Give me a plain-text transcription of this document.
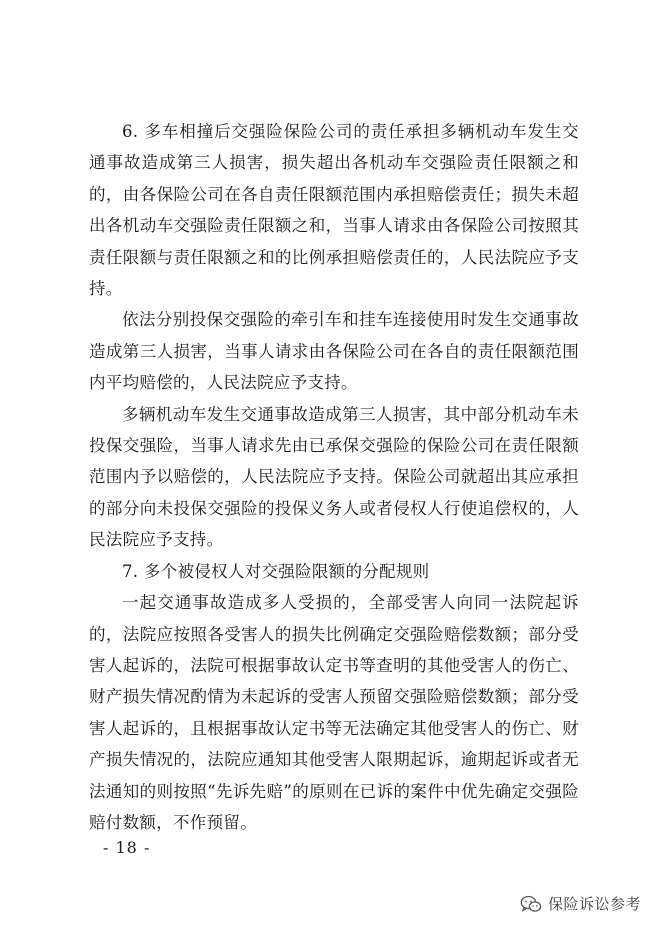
6. 多车相撞后交强险保险公司的责任承担多辆机动车发生交通事故造成第三人损害，损失超出各机动车交强险责任限额之和的，由各保险公司在各自责任限额范围内承担赔偿责任；损失未超出各机动车交强险责任限额之和，当事人请求由各保险公司按照其责任限额与责任限额之和的比例承担赔偿责任的，人民法院应予支持。

依法分别投保交强险的牵引车和挂车连接使用时发生交通事故造成第三人损害，当事人请求由各保险公司在各自的责任限额范围内平均赔偿的，人民法院应予支持。

多辆机动车发生交通事故造成第三人损害，其中部分机动车未投保交强险，当事人请求先由已承保交强险的保险公司在责任限额范围内予以赔偿的，人民法院应予支持。保险公司就超出其应承担的部分向未投保交强险的投保义务人或者侵权人行使追偿权的，人民法院应予支持。

7. 多个被侵权人对交强险限额的分配规则

一起交通事故造成多人受损的，全部受害人向同一法院起诉的，法院应按照各受害人的损失比例确定交强险赔偿数额；部分受害人起诉的，法院可根据事故认定书等查明的其他受害人的伤亡、财产损失情况酌情为未起诉的受害人预留交强险赔偿数额；部分受害人起诉的，且根据事故认定书等无法确定其他受害人的伤亡、财产损失情况的，法院应通知其他受害人限期起诉，逾期起诉或者无法通知的则按照“先诉先赔”的原则在已诉的案件中优先确定交强险赔付数额，不作预留。

- 18 -
保险诉讼参考
